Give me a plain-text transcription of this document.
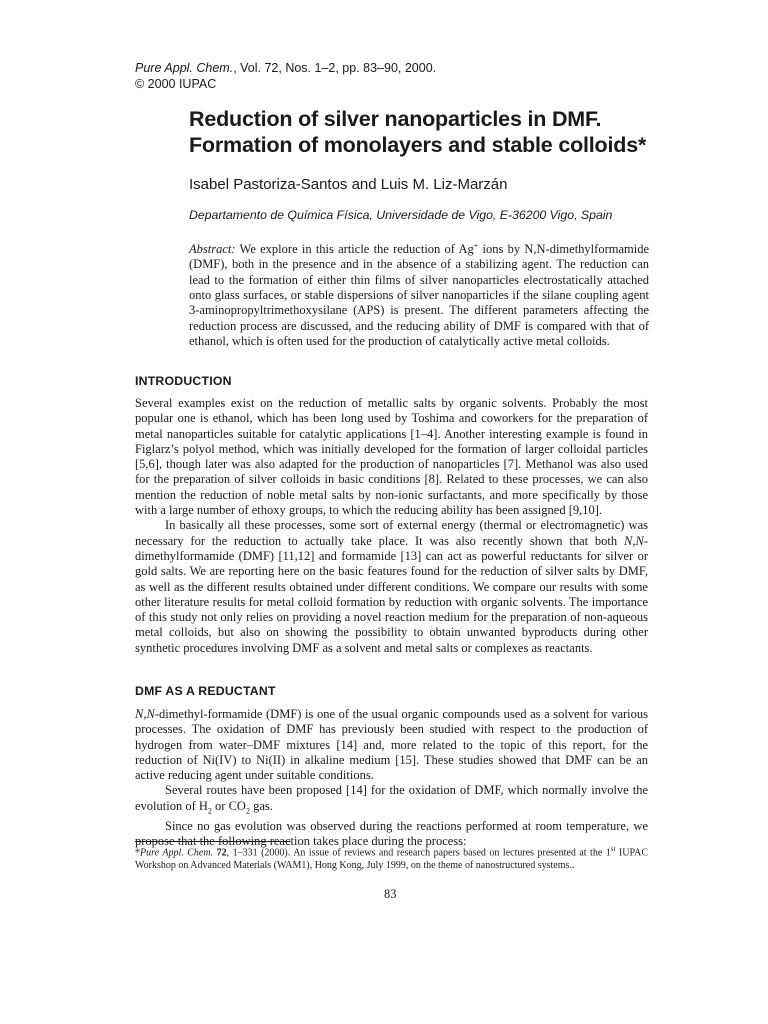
Pure Appl. Chem., Vol. 72, Nos. 1–2, pp. 83–90, 2000.
© 2000 IUPAC
Reduction of silver nanoparticles in DMF.
Formation of monolayers and stable colloids*
Isabel Pastoriza-Santos and Luis M. Liz-Marzán
Departamento de Química Física, Universidade de Vigo, E-36200 Vigo, Spain
Abstract: We explore in this article the reduction of Ag+ ions by N,N-dimethylformamide (DMF), both in the presence and in the absence of a stabilizing agent. The reduction can lead to the formation of either thin films of silver nanoparticles electrostatically attached onto glass surfaces, or stable dispersions of silver nanoparticles if the silane coupling agent 3-aminopropyltrimethoxysilane (APS) is present. The different parameters affecting the reduction process are discussed, and the reducing ability of DMF is compared with that of ethanol, which is often used for the production of catalytically active metal colloids.
INTRODUCTION

Several examples exist on the reduction of metallic salts by organic solvents. Probably the most popular one is ethanol, which has been long used by Toshima and coworkers for the preparation of metal nanoparticles suitable for catalytic applications [1–4]. Another interesting example is found in Figlarz’s polyol method, which was initially developed for the formation of larger colloidal particles [5,6], though later was also adapted for the production of nanoparticles [7]. Methanol was also used for the preparation of silver colloids in basic conditions [8]. Related to these processes, we can also mention the reduction of noble metal salts by non-ionic surfactants, and more specifically by those with a large number of ethoxy groups, to which the reducing ability has been assigned [9,10].

In basically all these processes, some sort of external energy (thermal or electromagnetic) was necessary for the reduction to actually take place. It was also recently shown that both N,N-dimethylformamide (DMF) [11,12] and formamide [13] can act as powerful reductants for silver or gold salts. We are reporting here on the basic features found for the reduction of silver salts by DMF, as well as the different results obtained under different conditions. We compare our results with some other literature results for metal colloid formation by reduction with organic solvents. The importance of this study not only relies on providing a novel reaction medium for the preparation of non-aqueous metal colloids, but also on showing the possibility to obtain unwanted byproducts during other synthetic procedures involving DMF as a solvent and metal salts or complexes as reactants.

DMF AS A REDUCTANT

N,N-dimethyl-formamide (DMF) is one of the usual organic compounds used as a solvent for various processes. The oxidation of DMF has previously been studied with respect to the production of hydrogen from water–DMF mixtures [14] and, more related to the topic of this report, for the reduction of Ni(IV) to Ni(II) in alkaline medium [15]. These studies showed that DMF can be an active reducing agent under suitable conditions.

Several routes have been proposed [14] for the oxidation of DMF, which normally involve the evolution of $H_2$ or $CO_2$ gas.

Since no gas evolution was observed during the reactions performed at room temperature, we propose that the following reaction takes place during the process:

*Pure Appl. Chem. 72, 1–331 (2000). An issue of reviews and research papers based on lectures presented at the 1st IUPAC Workshop on Advanced Materials (WAM1), Hong Kong, July 1999, on the theme of nanostructured systems..
83
